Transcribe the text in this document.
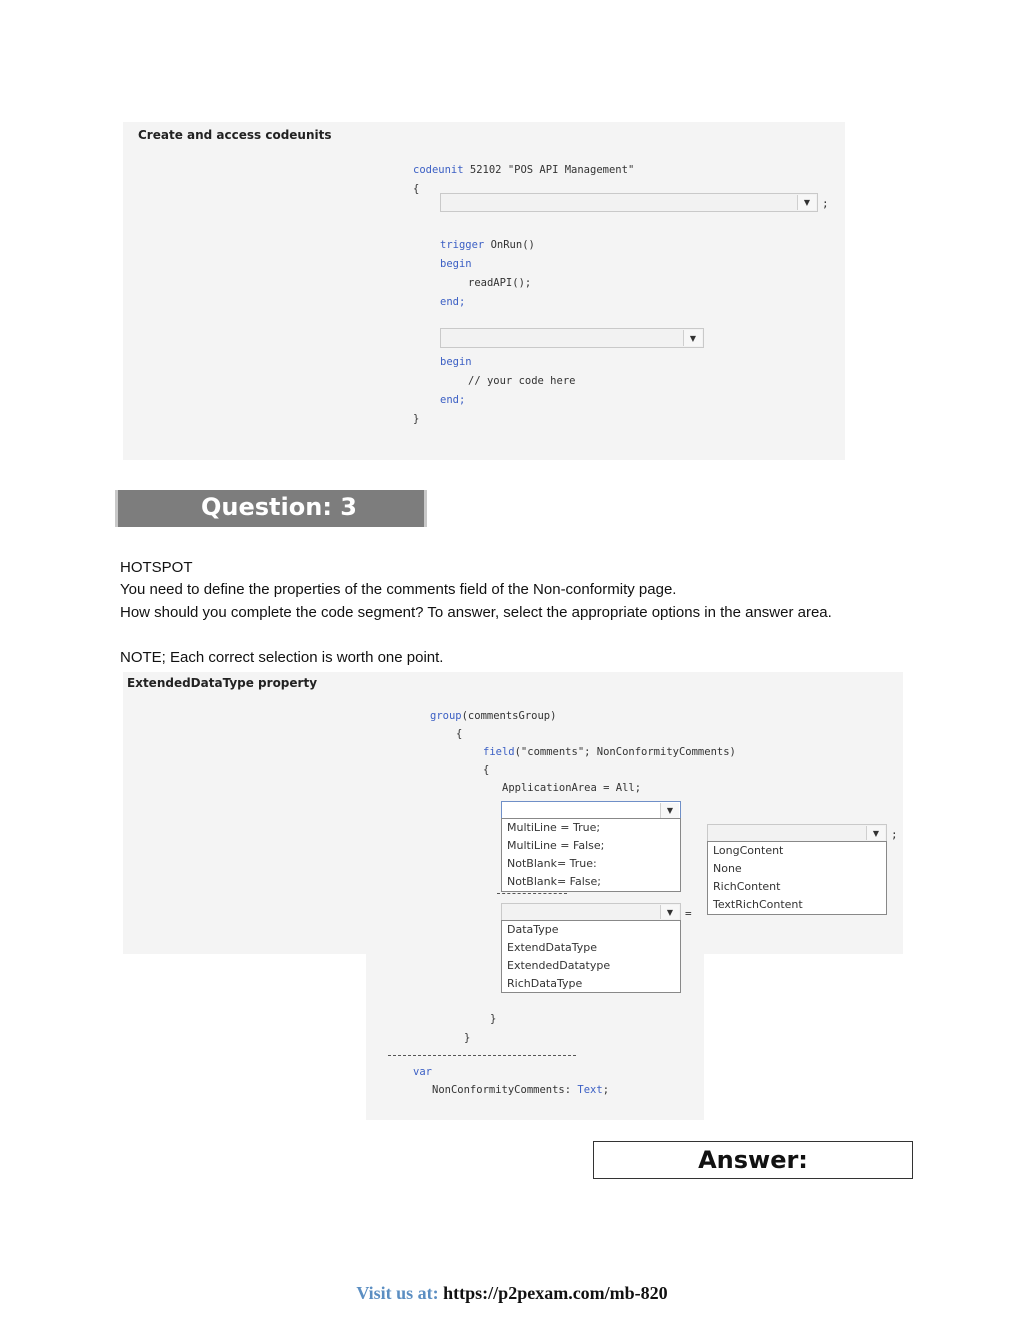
Create and access codeunits
codeunit 52102 "POS API Management"
{
▼	;
trigger OnRun()
begin
readAPI();
end;
▼
begin
// your code here
end;
}
Question: 3
HOTSPOT
You need to define the properties of the comments field of the Non-conformity page.
How should you complete the code segment? To answer, select the appropriate options in the answer area.
NOTE; Each correct selection is worth one point.
ExtendedDataType property
group(commentsGroup)
{
field("comments"; NonConformityComments)
{
ApplicationArea = All;
▼
MultiLine = True;
MultiLine = False;
NotBlank= True:
NotBlank= False;
▼	;
LongContent
None
RichContent
TextRichContent
▼	=
DataType
ExtendDataType
ExtendedDatatype
RichDataType
}
}
var
NonConformityComments: Text;
Answer:
Visit us at: https://p2pexam.com/mb-820
